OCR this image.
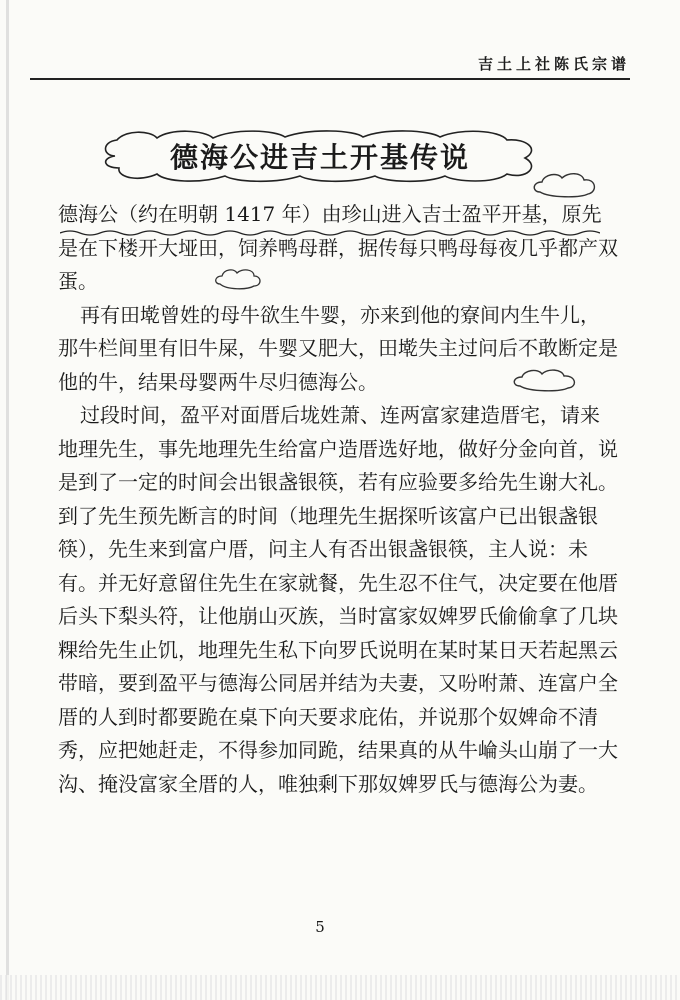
吉土上社陈氏宗谱
德海公进吉土开基传说

德海公（约在明朝 1417 年）由珍山进入吉士盈平开基，原先是在下楼开大垭田，饲养鸭母群，据传每只鸭母每夜几乎都产双蛋。

再有田墘曾姓的母牛欲生牛婴，亦来到他的寮间内生牛儿，那牛栏间里有旧牛屎，牛婴又肥大，田墘失主过问后不敢断定是他的牛，结果母婴两牛尽归德海公。

过段时间，盈平对面厝后垅姓萧、连两富家建造厝宅，请来地理先生，事先地理先生给富户造厝选好地，做好分金向首，说是到了一定的时间会出银盏银筷，若有应验要多给先生谢大礼。到了先生预先断言的时间（地理先生据探听该富户已出银盏银筷），先生来到富户厝，问主人有否出银盏银筷，主人说：未有。并无好意留住先生在家就餐，先生忍不住气，决定要在他厝后头下梨头符，让他崩山灭族，当时富家奴婢罗氏偷偷拿了几块粿给先生止饥，地理先生私下向罗氏说明在某时某日天若起黑云带暗，要到盈平与德海公同居并结为夫妻，又吩咐萧、连富户全厝的人到时都要跪在桌下向天要求庇佑，并说那个奴婢命不清秀，应把她赶走，不得参加同跪，结果真的从牛崘头山崩了一大沟、掩没富家全厝的人，唯独剩下那奴婢罗氏与德海公为妻。

5
